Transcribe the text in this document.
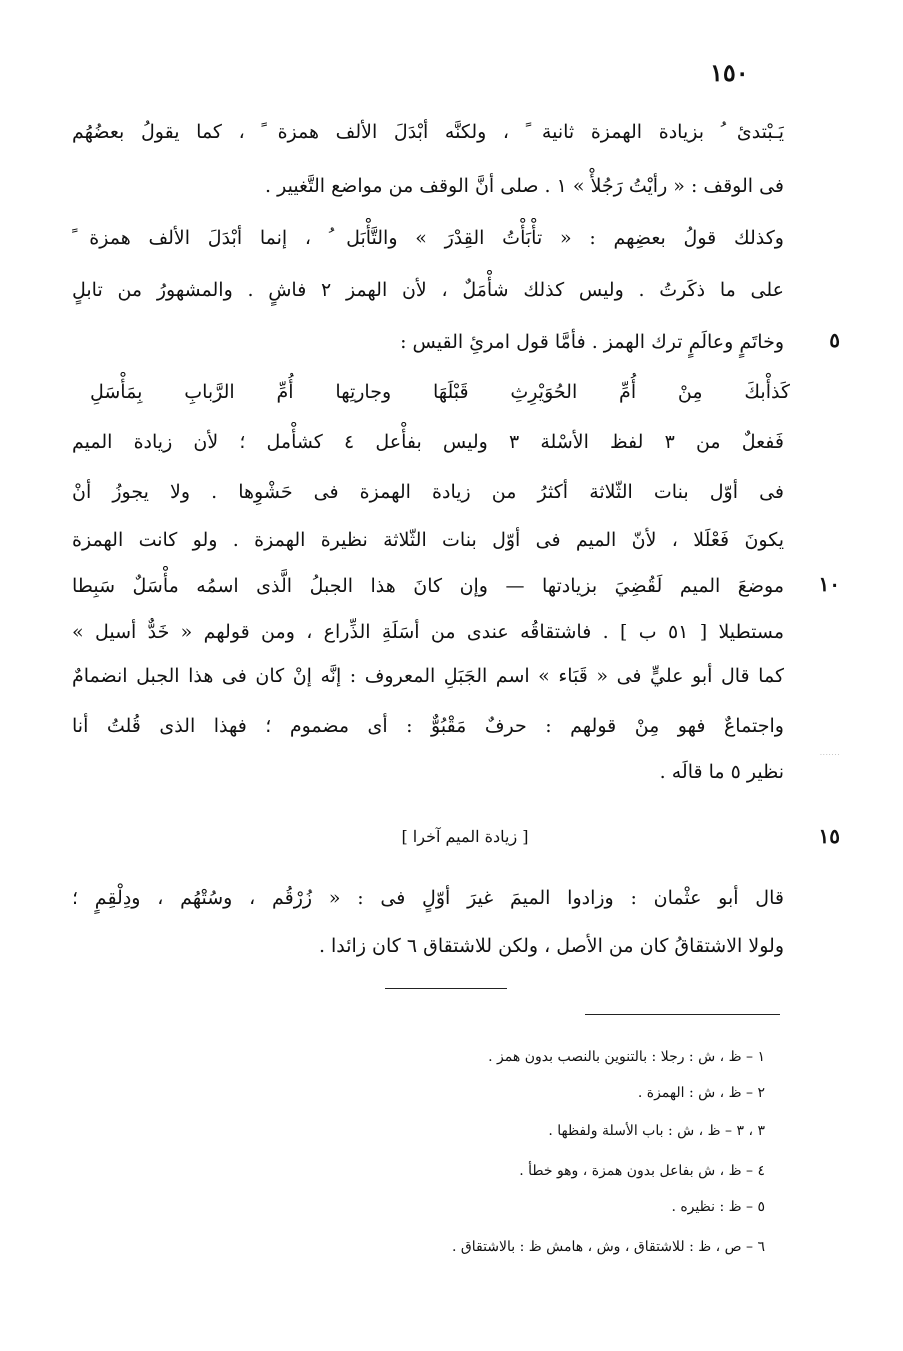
١٥٠
يَـبْتدئ ُ بزيادة الهمزة ثانية ً ، ولكنَّه أبْدَلَ الألف همزة ً ، كما يقولُ بعضُهُم
فى الوقف : « رأيْتُ رَجُلأْ » ١ . صلى أنَّ الوقف من مواضع التَّغيير .
وكذلك قولُ بعضِهم : « تأْبَأْتُ القِدْرَ » والتَّأْبَل ُ ، إنما أبْدَلَ الألف همزة ً
على ما ذكَرتُ . وليس كذلك شأْمَلٌ ، لأن الهمز ٢ فاشٍ . والمشهورُ من تابلٍ
وخاتَمٍ وعالَمٍ ترك الهمز . فأمَّا قول امرئِ القيس :	٥
كَذأْبكَ مِنْ أُمِّ الحُوَيْرِثِ قَبْلَهَا وجارتِها أُمِّ الرَّبابِ بِمَأْسَلِ
فَفعلٌ من ٣ لفظ الأسْلة ٣ وليس بفأْعل ٤ كشأْمل ؛ لأن زيادة الميم
فى أوّل بنات الثّلاثة أكثرُ من زيادة الهمزة فى حَشْوِها . ولا يجوزُ أنْ
يكونَ فَعْلَلا ، لأنّ الميم فى أوّل بنات الثّلاثة نظيرة الهمزة . ولو كانت الهمزة
موضعَ الميم لَقُضِيَ بزيادتها — وإن كانَ هذا الجبلُ الَّذى اسمُه مأْسَلٌ سَبِطا	١٠
مستطيلا [ ٥١ ب ] . فاشتقاقُه عندى من أسَلَةِ الذِّراع ، ومن قولهم « خَدٌّ أسيل »
كما قال أبو عليٍّ فى « قَبَاء » اسم الجَبَلِ المعروف : إنَّه إنْ كان فى هذا الجبل انضمامٌ
واجتماعٌ فهو مِنْ قولهم : حرفٌ مَقْبُوٌّ : أى مضموم ؛ فهذا الذى قُلتُ أنا
نظير ٥ ما قالَه .
·······
[ زيادة الميم آخرا ]	١٥
قال أبو عثْمان : وزادوا الميمَ غيرَ أوّلٍ فى : « زُرْقُم ، وسُتْهُم ، ودِلْقِمٍ ؛
ولولا الاشتقاقُ كان من الأصل ، ولكن للاشتقاق ٦ كان زائدا .
١ – ظ ، ش : رجلا : بالتنوين بالنصب بدون همز .
٢ – ظ ، ش : الهمزة .
٣ ، ٣ – ظ ، ش : باب الأسلة ولفظها .
٤ – ظ ، ش بفاعل بدون همزة ، وهو خطأ .
٥ – ظ : نظيره .
٦ – ص ، ظ : للاشتقاق ، وش ، هامش ظ : بالاشتقاق .
